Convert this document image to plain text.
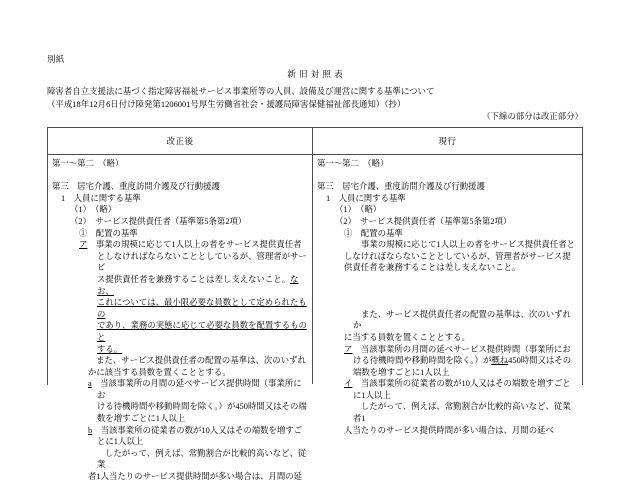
別紙
新旧対照表
障害者自立支援法に基づく指定障害福祉サービス事業所等の人員、設備及び運営に関する基準について
（平成18年12月6日付け障発第1206001号厚生労働省社会・援護局障害保健福祉部長通知）（抄）
（下線の部分は改正部分）
改正後	現行
第一～第二　（略）
第三　居宅介護、重度訪問介護及び行動援護
1　人員に関する基準
（1）　（略）
（2）　サービス提供責任者（基準第5条第2項）
①　配置の基準
ア　 事業の規模に応じて1人以上の者をサービス提供責任者
としなければならないこととしているが、管理者がサービ
ス提供責任者を兼務することは差し支えないこと。なお、
これについては、最小限必要な員数として定められたもの
であり、業務の実態に応じて必要な員数を配置するものと
する。
また、サービス提供責任者の配置の基準は、次のいずれ
かに該当する員数を置くこととする。
a　 当該事業所の月間の延べサービス提供時間（事業所にお
ける待機時間や移動時間を除く。）が450時間又はその端
数を増すごとに1人以上
b　 当該事業所の従業者の数が10人又はその端数を増すご
とに1人以上
したがって、例えば、常勤割合が比較的高いなど、従業
者1人当たりのサービス提供時間が多い場合は、月間の延
第一～第二　（略）
第三　居宅介護、重度訪問介護及び行動援護
1　人員に関する基準
（1）　（略）
（2）　サービス提供責任者（基準第5条第2項）
①　配置の基準
事業の規模に応じて1人以上の者をサービス提供責任者と
しなければならないこととしているが、管理者がサービス提
供責任者を兼務することは差し支えないこと。
また、サービス提供責任者の配置の基準は、次のいずれか
に当する員数を置くこととする。
ア　 当該事業所の月間の延べサービス提供時間（事業所にお
ける待機時間や移動時間を除く。）が概ね450時間又はその
端数を増すごとに1人以上
イ　 当該事業所の従業者の数が10人又はその端数を増すごと
に1人以上
したがって、例えば、常勤割合が比較的高いなど、従業者1
人当たりのサービス提供時間が多い場合は、月間の延べ
